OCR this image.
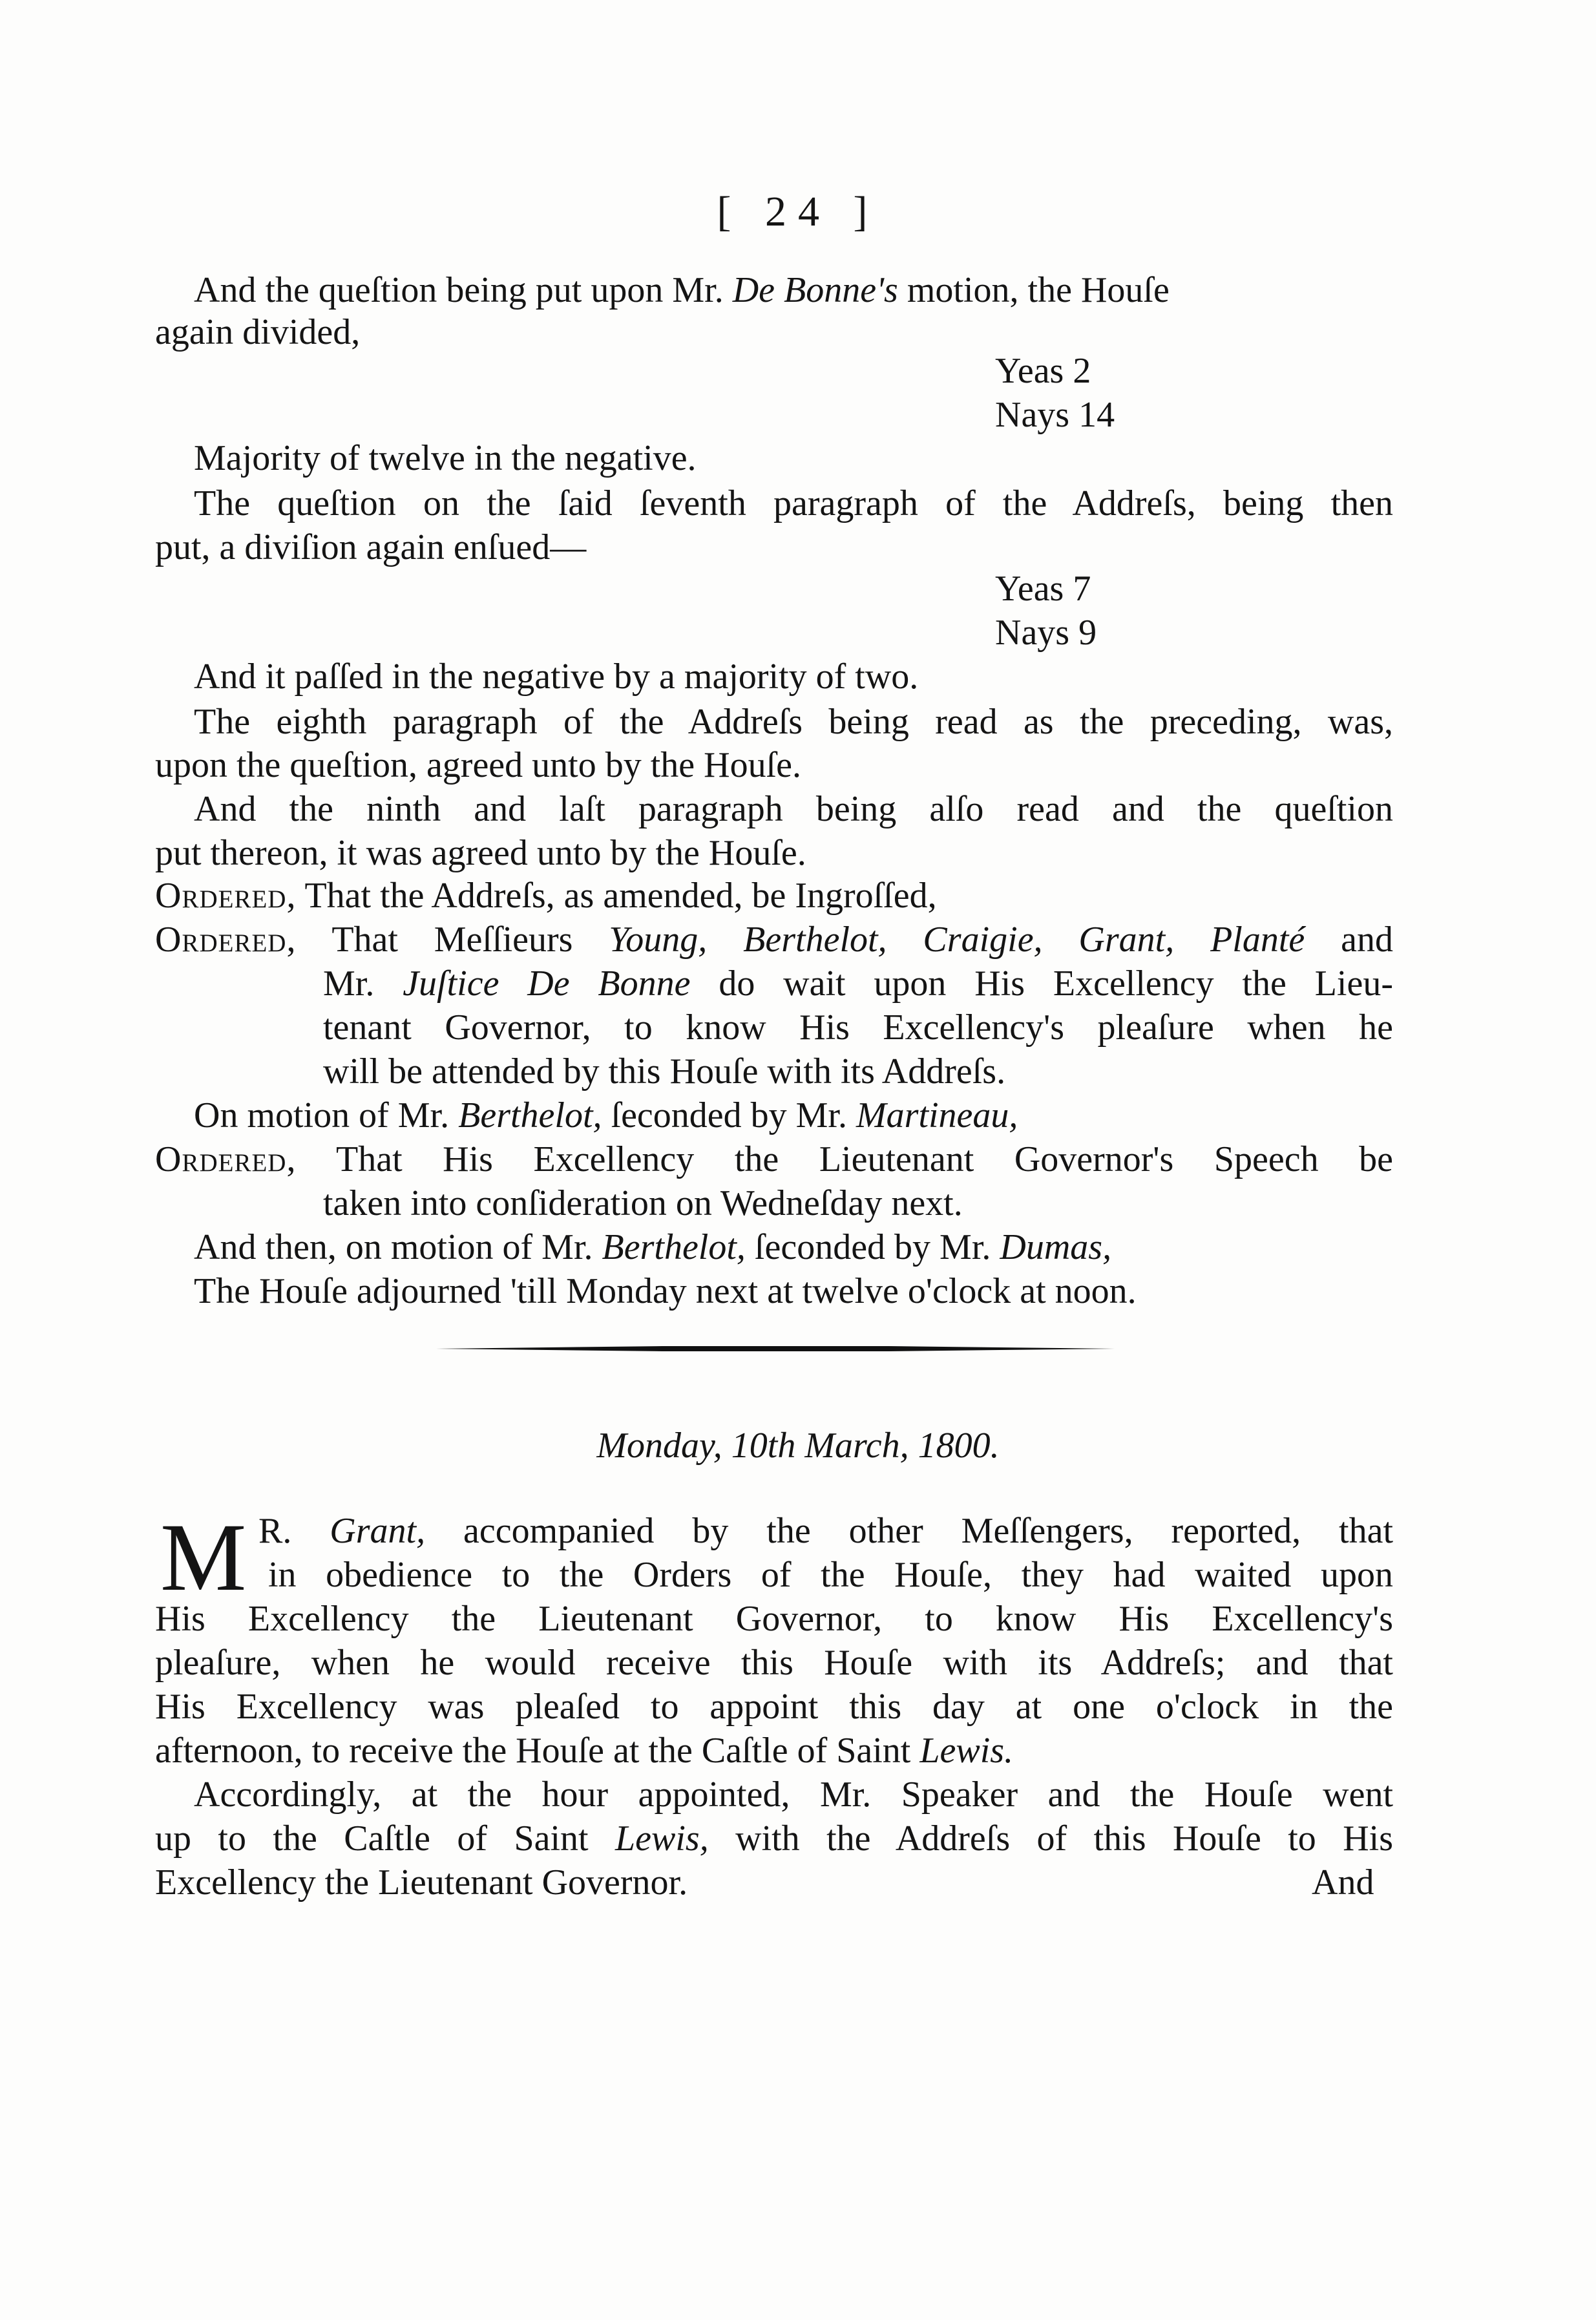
[ 24 ]
And the queſtion being put upon Mr. De Bonne's motion, the Houſe
again divided,
Yeas 2
Nays 14
Majority of twelve in the negative.
The queſtion on the ſaid ſeventh paragraph of the Addreſs, being then
put, a diviſion again enſued—
Yeas 7
Nays 9
And it paſſed in the negative by a majority of two.
The eighth paragraph of the Addreſs being read as the preceding, was,
upon the queſtion, agreed unto by the Houſe.
And the ninth and laſt paragraph being alſo read and the queſtion
put thereon, it was agreed unto by the Houſe.
Ordered, That the Addreſs, as amended, be Ingroſſed,
Ordered, That Meſſieurs Young, Berthelot, Craigie, Grant, Planté and
Mr. Juſtice De Bonne do wait upon His Excellency the Lieu-
tenant Governor, to know His Excellency's pleaſure when he
will be attended by this Houſe with its Addreſs.
On motion of Mr. Berthelot, ſeconded by Mr. Martineau,
Ordered, That His Excellency the Lieutenant Governor's Speech be
taken into conſideration on Wedneſday next.
And then, on motion of Mr. Berthelot, ſeconded by Mr. Dumas,
The Houſe adjourned 'till Monday next at twelve o'clock at noon.
Monday, 10th March, 1800.
M R. Grant, accompanied by the other Meſſengers, reported, that
in obedience to the Orders of the Houſe, they had waited upon
His Excellency the Lieutenant Governor, to know His Excellency's
pleaſure, when he would receive this Houſe with its Addreſs; and that
His Excellency was pleaſed to appoint this day at one o'clock in the
afternoon, to receive the Houſe at the Caſtle of Saint Lewis.
Accordingly, at the hour appointed, Mr. Speaker and the Houſe went
up to the Caſtle of Saint Lewis, with the Addreſs of this Houſe to His
Excellency the Lieutenant Governor.	And
